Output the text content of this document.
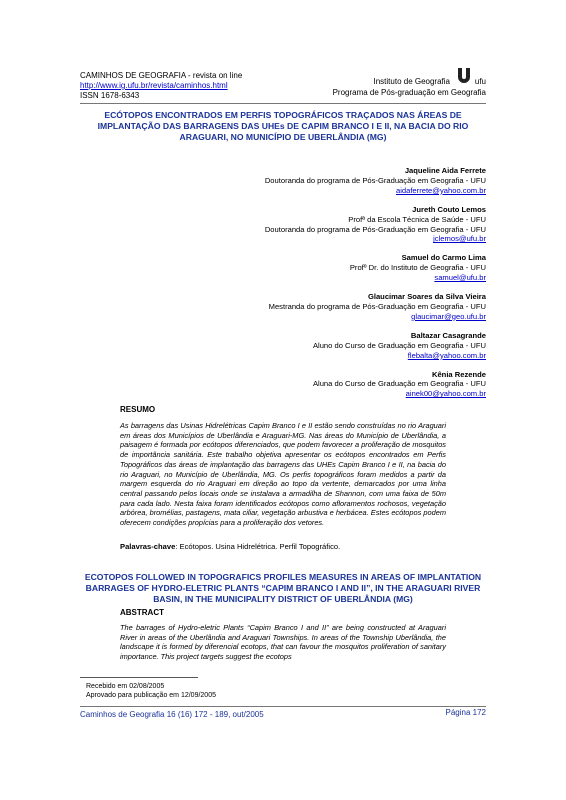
CAMINHOS DE GEOGRAFIA - revista on line
http://www.ig.ufu.br/revista/caminhos.html
ISSN 1678-6343
ufu
Instituto de Geografia
Programa de Pós-graduação em Geografia
ECÓTOPOS ENCONTRADOS EM PERFIS TOPOGRÁFICOS TRAÇADOS NAS ÁREAS DE IMPLANTAÇÃO DAS BARRAGENS DAS UHEs DE CAPIM BRANCO I E II, NA BACIA DO RIO ARAGUARI, NO MUNICÍPIO DE UBERLÂNDIA (MG)
Jaqueline Aida Ferrete
Doutoranda do programa de Pós-Graduação em Geografia - UFU
aidaferrete@yahoo.com.br
Jureth Couto Lemos
Profª da Escola Técnica de Saúde - UFU
Doutoranda do programa de Pós-Graduação em Geografia - UFU
jclemos@ufu.br
Samuel do Carmo Lima
Profº Dr. do Instituto de Geografia - UFU
samuel@ufu.br
Glaucimar Soares da Silva Vieira
Mestranda do programa de Pós-Graduação em Geografia - UFU
glaucimar@geo.ufu.br
Baltazar Casagrande
Aluno do Curso de Graduação em Geografia - UFU
flebalta@yahoo.com.br
Kênia Rezende
Aluna do Curso de Graduação em Geografia - UFU
ainek00@yahoo.com.br
RESUMO
As barragens das Usinas Hidrelétricas Capim Branco I e II estão sendo construídas no rio Araguari em áreas dos Municípios de Uberlândia e Araguari-MG. Nas áreas do Município de Uberlândia, a paisagem é formada por ecótopos diferenciados, que podem favorecer a proliferação de mosquitos de importância sanitária. Este trabalho objetiva apresentar os ecótopos encontrados em Perfis Topográficos das áreas de implantação das barragens das UHEs Capim Branco I e II, na bacia do rio Araguari, no Município de Uberlândia, MG. Os perfis topográficos foram medidos a partir da margem esquerda do rio Araguari em direção ao topo da vertente, demarcados por uma linha central passando pelos locais onde se instalava a armadilha de Shannon, com uma faixa de 50m para cada lado. Nesta faixa foram identificados ecótopos como afloramentos rochosos, vegetação arbórea, bromélias, pastagens, mata ciliar, vegetação arbustiva e herbácea. Estes ecótopos podem oferecem condições propícias para a proliferação dos vetores.
Palavras-chave: Ecótopos. Usina Hidrelétrica. Perfil Topográfico.
ECOTOPOS FOLLOWED IN TOPOGRAFICS PROFILES MEASURES IN AREAS OF IMPLANTATION BARRAGES OF HYDRO-ELETRIC PLANTS “CAPIM BRANCO I AND II”, IN THE ARAGUARI RIVER BASIN, IN THE MUNICIPALITY DISTRICT OF UBERLÂNDIA (MG)
ABSTRACT
The barrages of Hydro-eletric Plants “Capim Branco I and II” are being constructed at Araguari River in areas of the Uberlândia and Araguari Townships. In areas of the Township Uberlândia, the landscape it is formed by diferencial ecotops, that can favour the mosquitos proliferation of sanitary importance. This project targets suggest the ecotops
Recebido em 02/08/2005
Aprovado para publicação em 12/09/2005
Caminhos de Geografia 16 (16) 172 - 189, out/2005	Página 172
